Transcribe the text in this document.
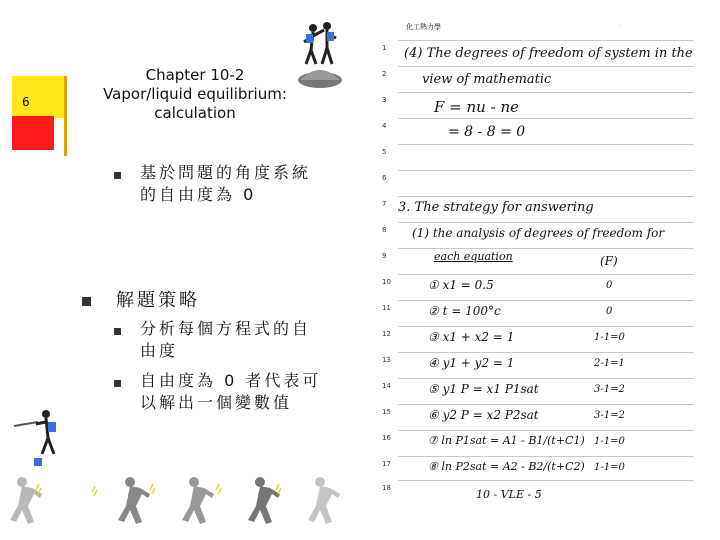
6
Chapter 10-2
Vapor/liquid equilibrium:
calculation
基於問題的角度系統
的自由度為 0
解題策略
分析每個方程式的自
由度
自由度為 0 者代表可
以解出一個變數值
化工熱力學	·
1
2
3
4
5
6
7
8
9
10
11
12
13
14
15
16
17
18
(4) The degrees of freedom of system in the
view of mathematic
F = nu - ne
= 8 - 8 = 0
3. The strategy for answering
(1) the analysis of degrees of freedom for
each equation	(F)
① x1 = 0.5	0
② t = 100°c	0
③ x1 + x2 = 1	1-1=0
④ y1 + y2 = 1	2-1=1
⑤ y1 P = x1 P1sat	3-1=2
⑥ y2 P = x2 P2sat	3-1=2
⑦ ln P1sat = A1 - B1/(t+C1) 1-1=0
⑧ ln P2sat = A2 - B2/(t+C2) 1-1=0
10 - VLE - 5
